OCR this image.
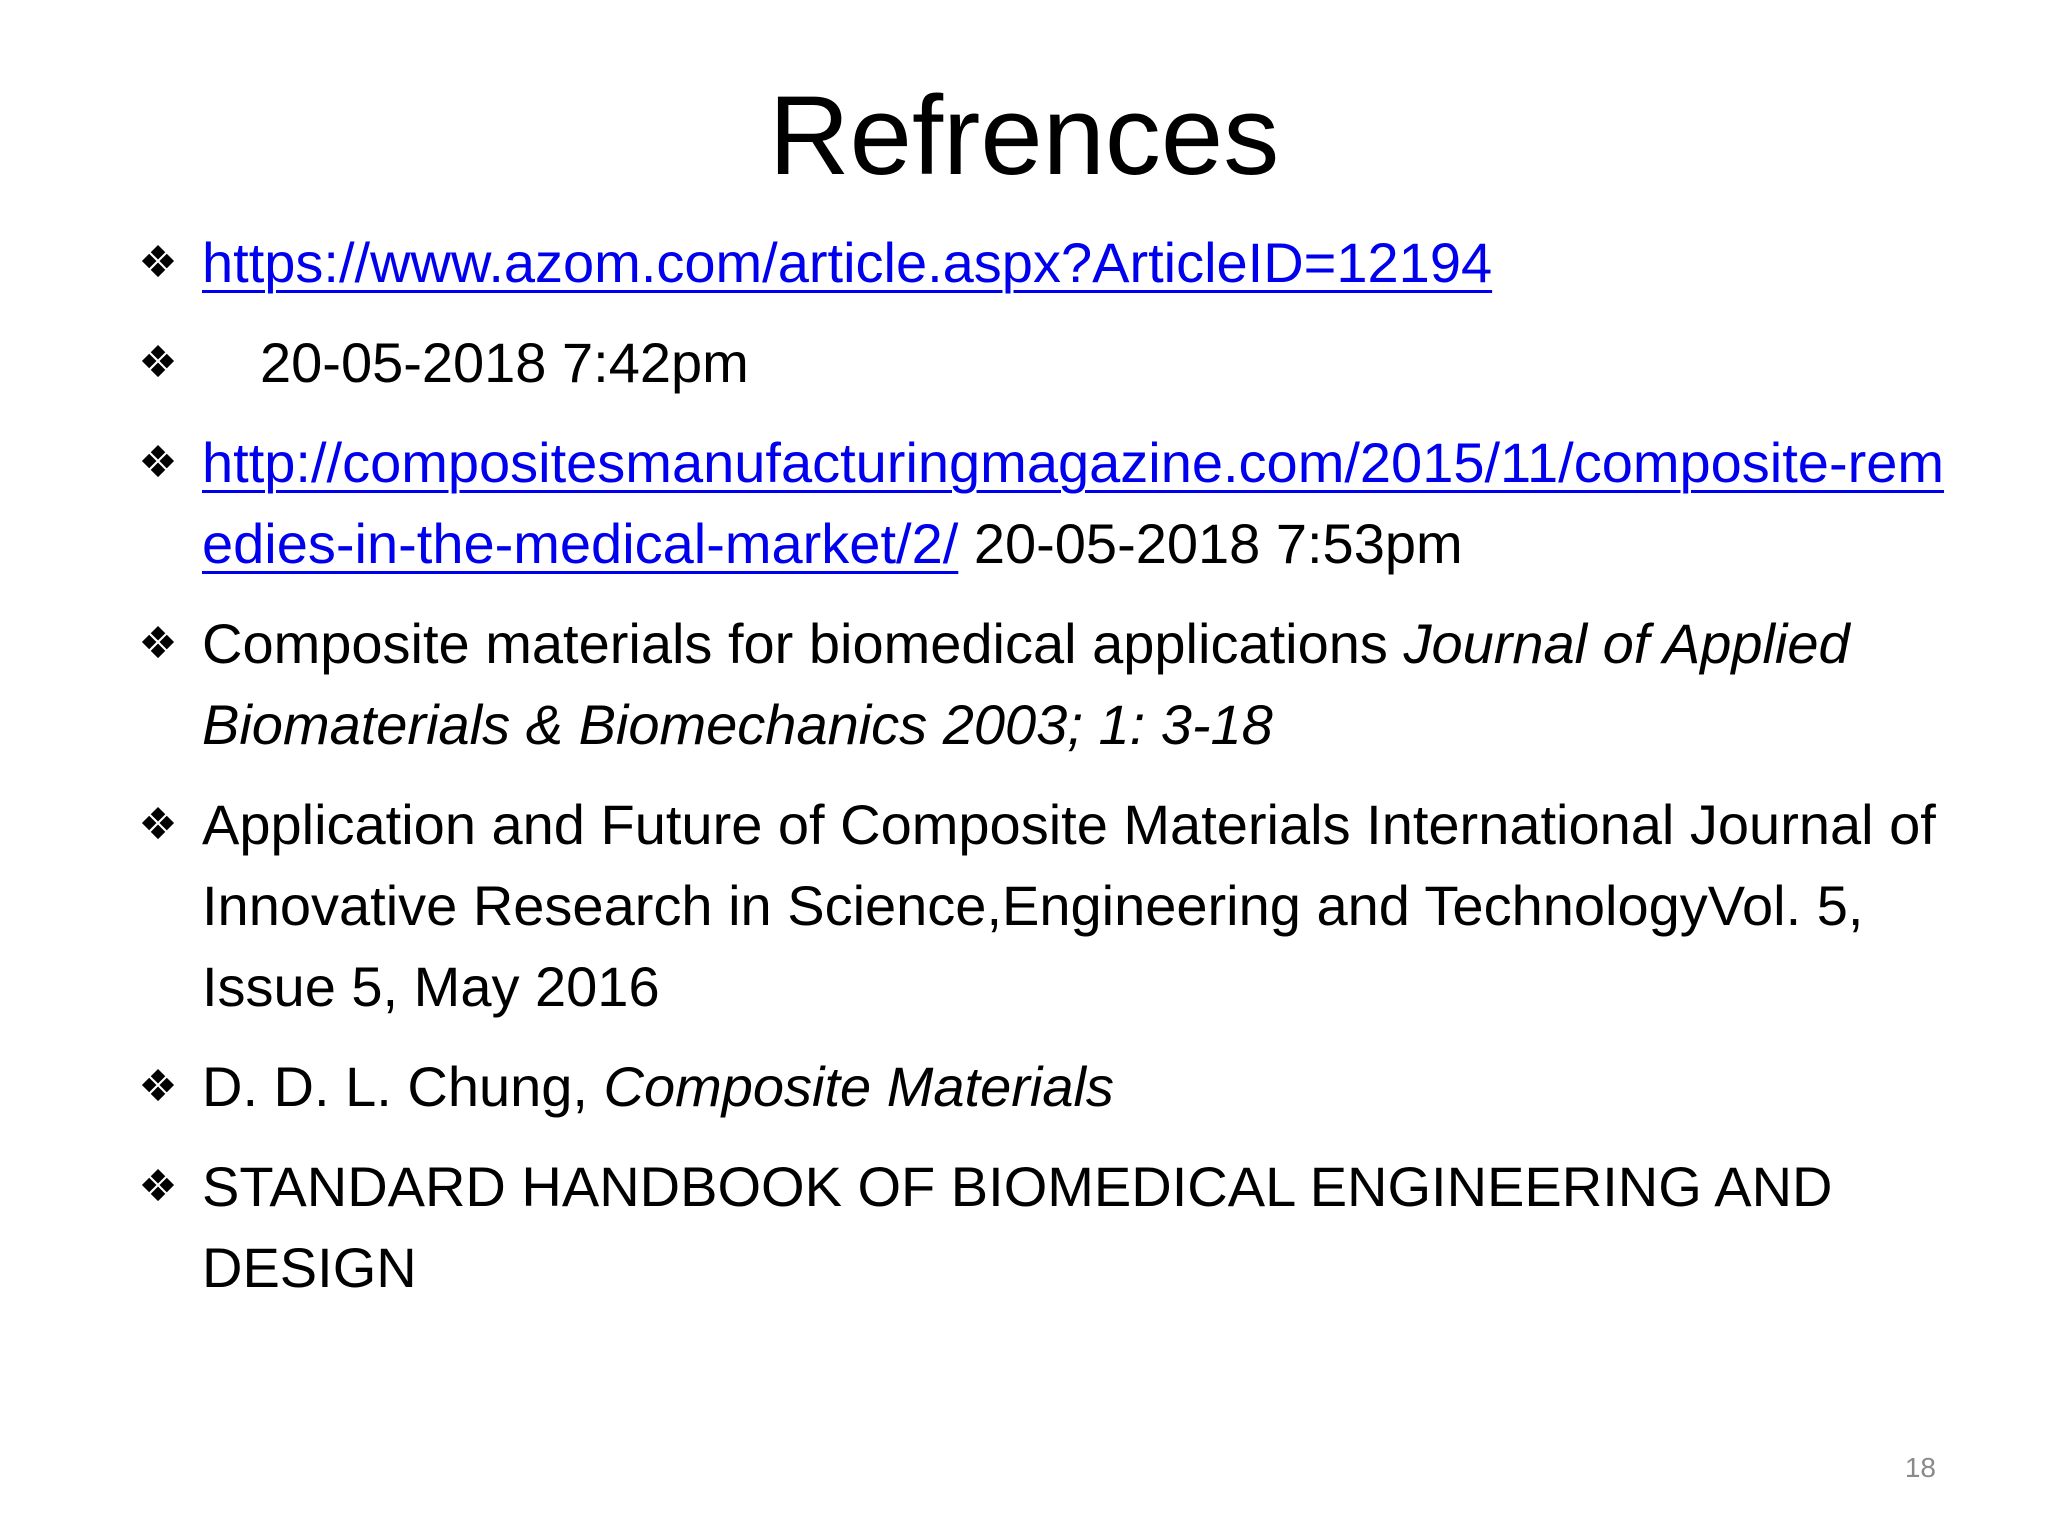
Refrences
❖ https://www.azom.com/article.aspx?ArticleID=12194
❖ 20-05-2018 7:42pm
❖ http://compositesmanufacturingmagazine.com/2015/11/composite-remedies-in-the-medical-market/2/ 20-05-2018 7:53pm
❖ Composite materials for biomedical applications Journal of Applied Biomaterials & Biomechanics 2003; 1: 3-18
❖ Application and Future of Composite Materials International Journal of Innovative Research in Science,Engineering and TechnologyVol. 5, Issue 5, May 2016
❖ D. D. L. Chung, Composite Materials
❖ STANDARD HANDBOOK OF BIOMEDICAL ENGINEERING AND DESIGN
18
